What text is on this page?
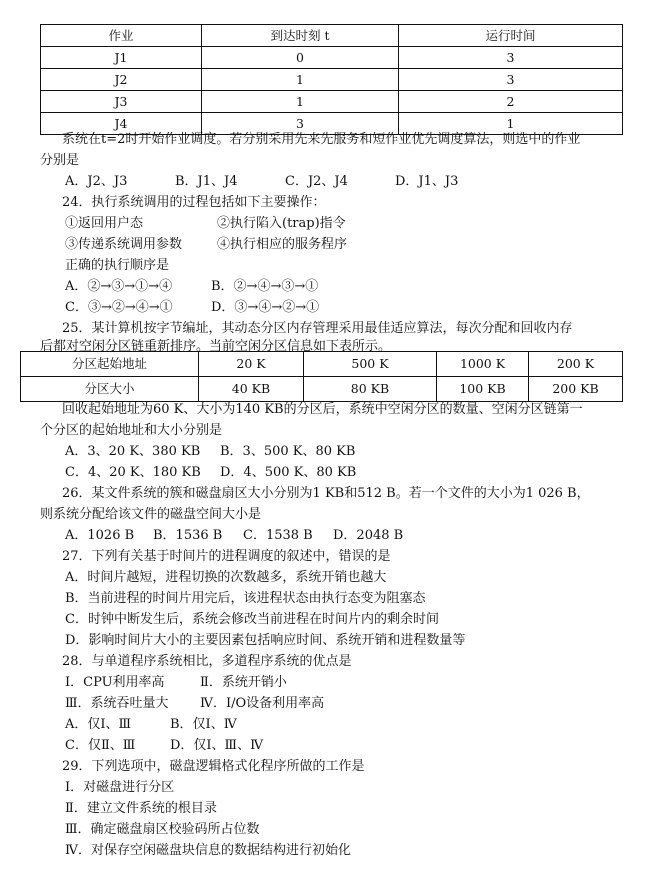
作业	到达时刻 t	运行时间
J1	0	3
J2	1	3
J3	1	2
J4	3	1
系统在t=2时开始作业调度。若分别采用先来先服务和短作业优先调度算法，则选中的作业
分别是
A．J2、J3	B．J1、J4	C．J2、J4	D．J1、J3
24．执行系统调用的过程包括如下主要操作：
①返回用户态	②执行陷入(trap)指令
③传递系统调用参数	④执行相应的服务程序
正确的执行顺序是
A．②→③→①→④	B．②→④→③→①
C．③→②→④→①	D．③→④→②→①
25．某计算机按字节编址，其动态分区内存管理采用最佳适应算法，每次分配和回收内存
后都对空闲分区链重新排序。当前空闲分区信息如下表所示。
分区起始地址	20 K	500 K	1000 K	200 K
分区大小	40 KB	80 KB	100 KB	200 KB
回收起始地址为60 K、大小为140 KB的分区后，系统中空闲分区的数量、空闲分区链第一
个分区的起始地址和大小分别是
A．3、20 K、380 KB B．3、500 K、80 KB
C．4、20 K、180 KB D．4、500 K、80 KB
26．某文件系统的簇和磁盘扇区大小分别为1 KB和512 B。若一个文件的大小为1 026 B，
则系统分配给该文件的磁盘空间大小是
A．1026 B B．1536 B C．1538 B D．2048 B
27．下列有关基于时间片的进程调度的叙述中，错误的是
A．时间片越短，进程切换的次数越多，系统开销也越大
B．当前进程的时间片用完后，该进程状态由执行态变为阻塞态
C．时钟中断发生后，系统会修改当前进程在时间片内的剩余时间
D．影响时间片大小的主要因素包括响应时间、系统开销和进程数量等
28．与单道程序系统相比，多道程序系统的优点是
Ⅰ．CPU利用率高	Ⅱ．系统开销小
Ⅲ．系统吞吐量大 Ⅳ．I/O设备利用率高
A．仅Ⅰ、Ⅲ	B．仅Ⅰ、Ⅳ
C．仅Ⅱ、Ⅲ	D．仅Ⅰ、Ⅲ、Ⅳ
29．下列选项中，磁盘逻辑格式化程序所做的工作是
Ⅰ．对磁盘进行分区
Ⅱ．建立文件系统的根目录
Ⅲ．确定磁盘扇区校验码所占位数
Ⅳ．对保存空闲磁盘块信息的数据结构进行初始化
